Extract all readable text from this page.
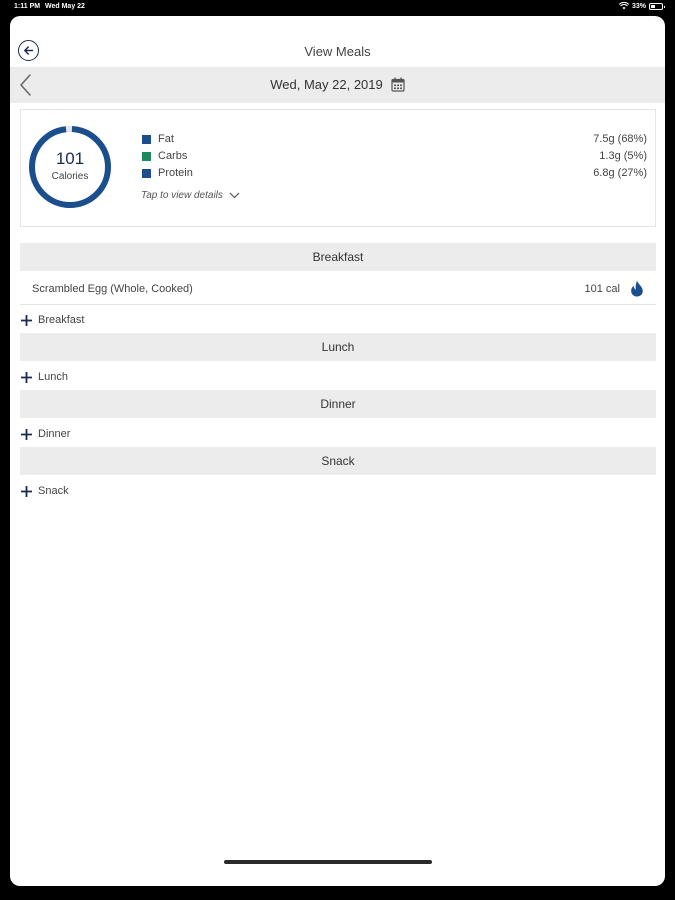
1:11 PM Wed May 22	33%
View Meals
Wed, May 22, 2019
101
Calories
Fat	7.5g (68%)
Carbs	1.3g (5%)
Protein	6.8g (27%)
Tap to view details
Breakfast
Scrambled Egg (Whole, Cooked)	101 cal
Breakfast
Lunch
Lunch
Dinner
Dinner
Snack
Snack
